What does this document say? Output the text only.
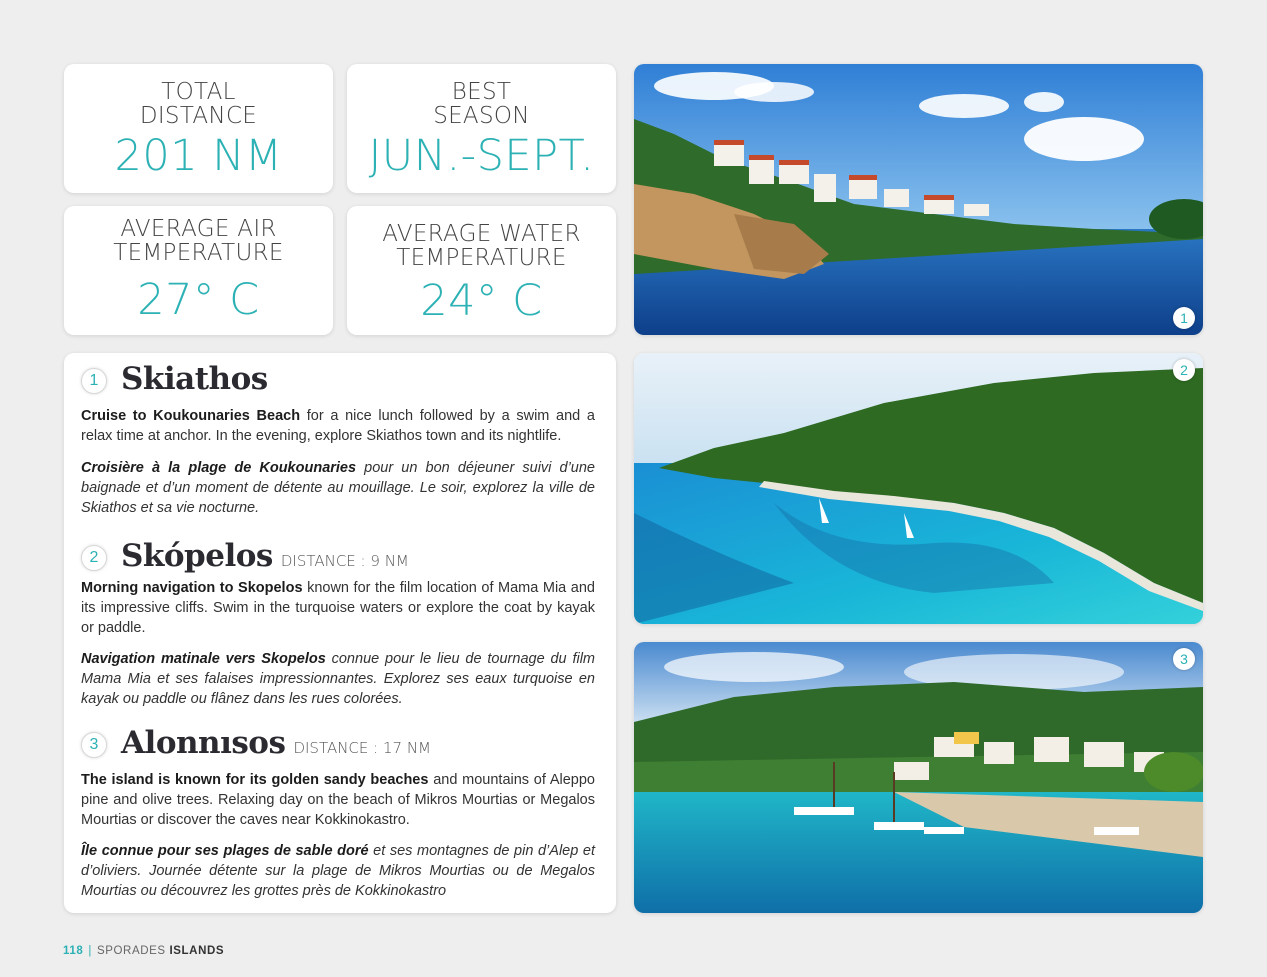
TOTAL
DISTANCE
201 NM
BEST
SEASON
JUN.-SEPT.
AVERAGE AIR
TEMPERATURE
27° C
AVERAGE WATER
TEMPERATURE
24° C	1
2
3
1 Skiathos

Cruise to Koukounaries Beach for a nice lunch followed by a swim and a relax time at anchor. In the evening, explore Skiathos town and its nightlife.

Croisière à la plage de Koukounaries pour un bon déjeuner suivi d’une baignade et d’un moment de détente au mouillage. Le soir, explorez la ville de Skiathos et sa vie nocturne.

2 Skópelos DISTANCE : 9 NM

Morning navigation to Skopelos known for the film location of Mama Mia and its impressive cliffs. Swim in the turquoise waters or explore the coat by kayak or paddle.

Navigation matinale vers Skopelos connue pour le lieu de tournage du film Mama Mia et ses falaises impressionnantes. Explorez ses eaux turquoise en kayak ou paddle ou flânez dans les rues colorées.

3 Alonnısos DISTANCE : 17 NM

The island is known for its golden sandy beaches and mountains of Aleppo pine and olive trees. Relaxing day on the beach of Mikros Mourtias or Megalos Mourtias or discover the caves near Kokkinokastro.

Île connue pour ses plages de sable doré et ses montagnes de pin d’Alep et d’oliviers. Journée détente sur la plage de Mikros Mourtias ou de Megalos Mourtias ou découvrez les grottes près de Kokkinokastro

118 | SPORADES ISLANDS
